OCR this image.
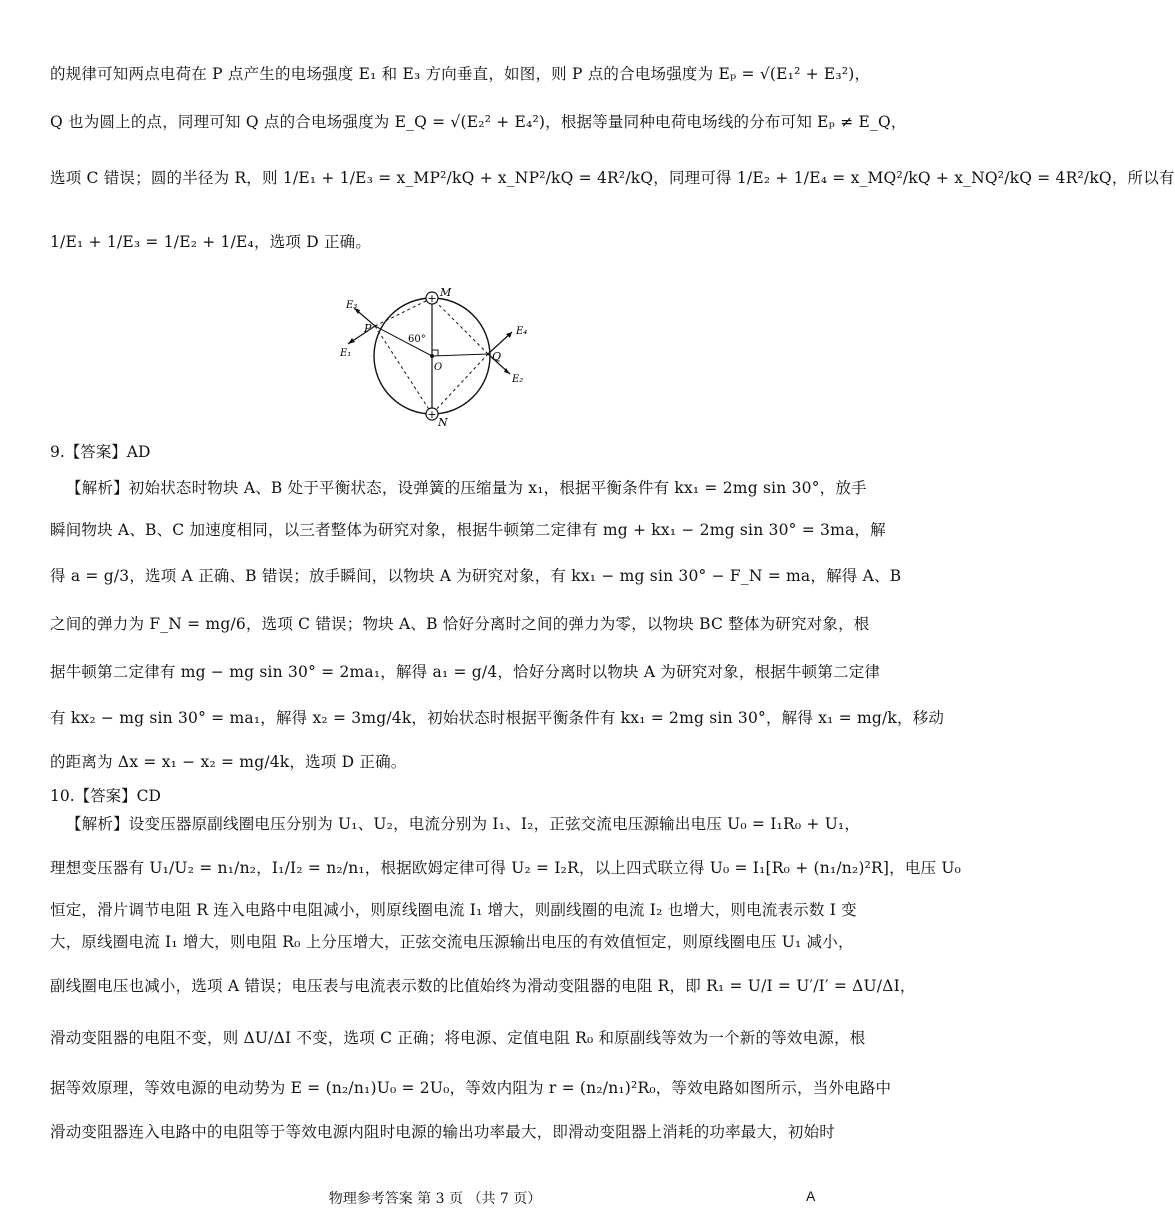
的规律可知两点电荷在 P 点产生的电场强度 E₁ 和 E₃ 方向垂直，如图，则 P 点的合电场强度为 Eₚ = √(E₁² + E₃²)，
Q 也为圆上的点，同理可知 Q 点的合电场强度为 E_Q = √(E₂² + E₄²)，根据等量同种电荷电场线的分布可知 Eₚ ≠ E_Q，
选项 C 错误；圆的半径为 R，则 1/E₁ + 1/E₃ = x_MP²/kQ + x_NP²/kQ = 4R²/kQ，同理可得 1/E₂ + 1/E₄ = x_MQ²/kQ + x_NQ²/kQ = 4R²/kQ，所以有
1/E₁ + 1/E₃ = 1/E₂ + 1/E₄，选项 D 正确。
+
+
M
N
P
Q
O
60°
E₃
E₁
E₄
E₂
9.【答案】AD
【解析】初始状态时物块 A、B 处于平衡状态，设弹簧的压缩量为 x₁，根据平衡条件有 kx₁ = 2mg sin 30°，放手
瞬间物块 A、B、C 加速度相同，以三者整体为研究对象，根据牛顿第二定律有 mg + kx₁ − 2mg sin 30° = 3ma，解
得 a = g/3，选项 A 正确、B 错误；放手瞬间，以物块 A 为研究对象，有 kx₁ − mg sin 30° − F_N = ma，解得 A、B
之间的弹力为 F_N = mg/6，选项 C 错误；物块 A、B 恰好分离时之间的弹力为零，以物块 BC 整体为研究对象，根
据牛顿第二定律有 mg − mg sin 30° = 2ma₁，解得 a₁ = g/4，恰好分离时以物块 A 为研究对象，根据牛顿第二定律
有 kx₂ − mg sin 30° = ma₁，解得 x₂ = 3mg/4k，初始状态时根据平衡条件有 kx₁ = 2mg sin 30°，解得 x₁ = mg/k，移动
的距离为 Δx = x₁ − x₂ = mg/4k，选项 D 正确。
10.【答案】CD
【解析】设变压器原副线圈电压分别为 U₁、U₂，电流分别为 I₁、I₂，正弦交流电压源输出电压 U₀ = I₁R₀ + U₁，
理想变压器有 U₁/U₂ = n₁/n₂，I₁/I₂ = n₂/n₁，根据欧姆定律可得 U₂ = I₂R，以上四式联立得 U₀ = I₁[R₀ + (n₁/n₂)²R]，电压 U₀
恒定，滑片调节电阻 R 连入电路中电阻减小，则原线圈电流 I₁ 增大，则副线圈的电流 I₂ 也增大，则电流表示数 I 变
大，原线圈电流 I₁ 增大，则电阻 R₀ 上分压增大，正弦交流电压源输出电压的有效值恒定，则原线圈电压 U₁ 减小，
副线圈电压也减小，选项 A 错误；电压表与电流表示数的比值始终为滑动变阻器的电阻 R，即 R₁ = U/I = U′/I′ = ΔU/ΔI，
滑动变阻器的电阻不变，则 ΔU/ΔI 不变，选项 C 正确；将电源、定值电阻 R₀ 和原副线等效为一个新的等效电源，根
据等效原理，等效电源的电动势为 E = (n₂/n₁)U₀ = 2U₀，等效内阻为 r = (n₂/n₁)²R₀，等效电路如图所示，当外电路中
滑动变阻器连入电路中的电阻等于等效电源内阻时电源的输出功率最大，即滑动变阻器上消耗的功率最大，初始时
物理参考答案 第 3 页 （共 7 页）	A
